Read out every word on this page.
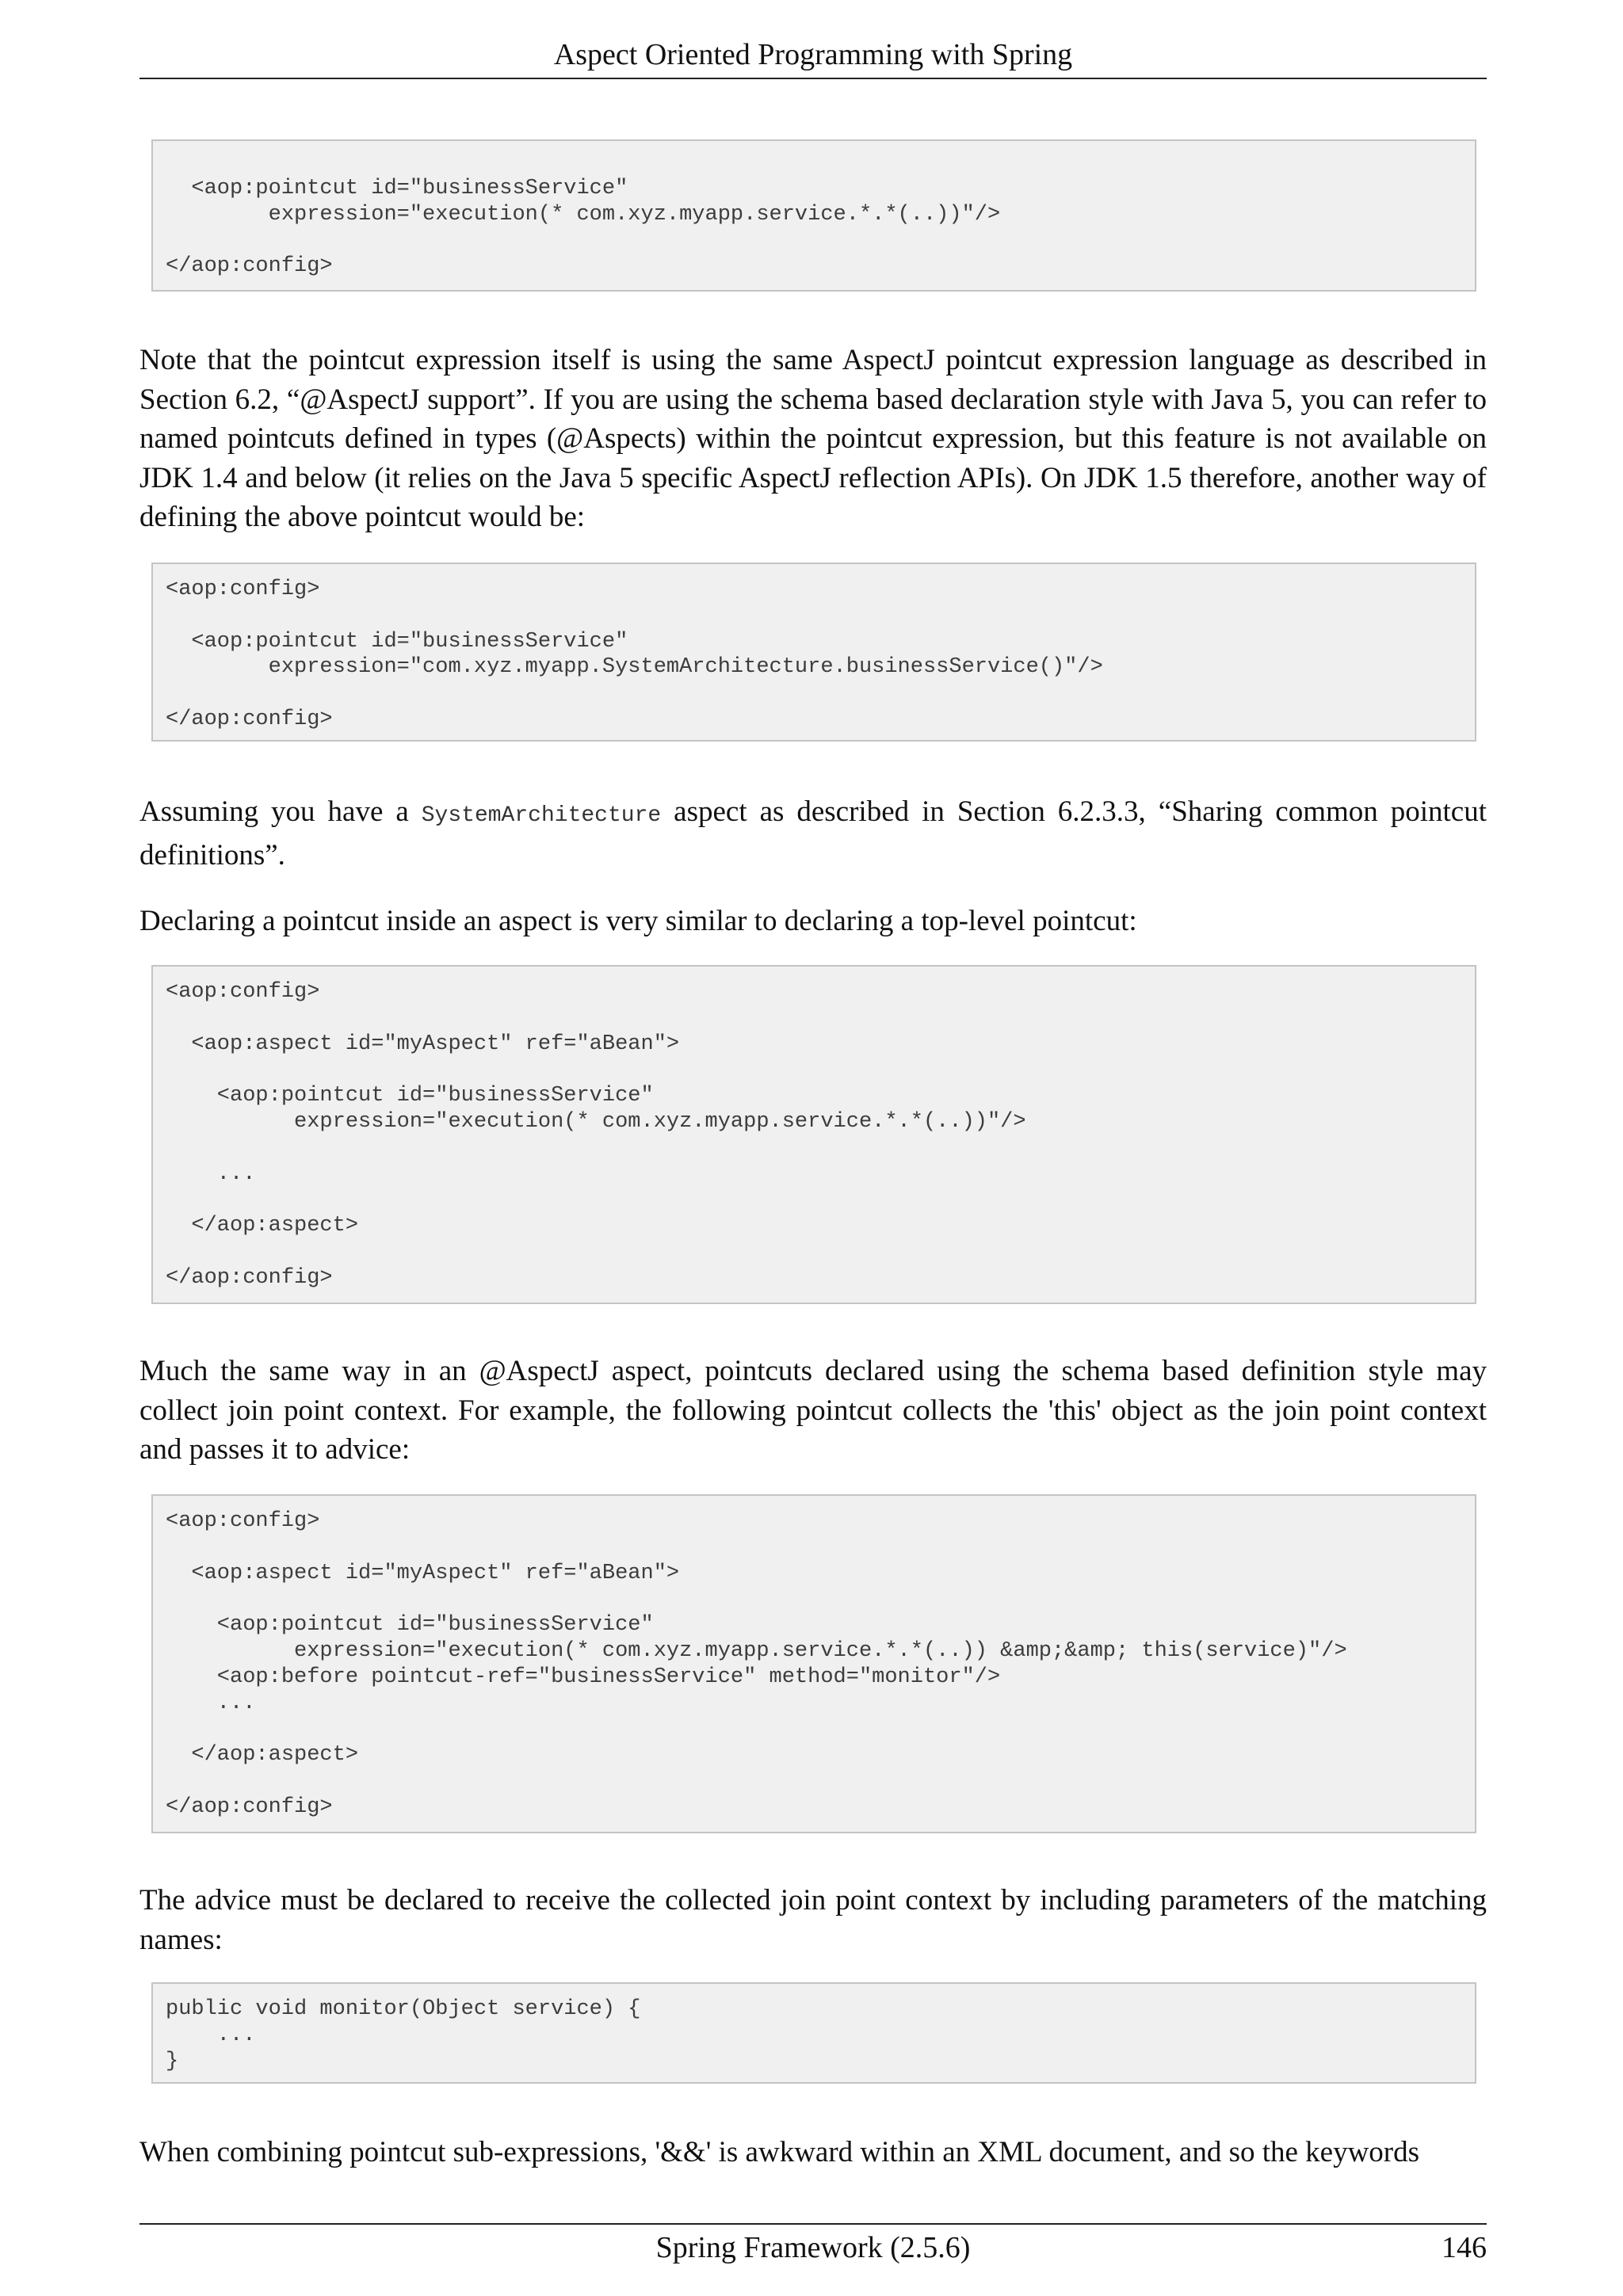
Aspect Oriented Programming with Spring
<aop:pointcut id="businessService"
expression="execution(* com.xyz.myapp.service.*.*(..))"/>

</aop:config>

Note that the pointcut expression itself is using the same AspectJ pointcut expression language as described in Section 6.2, “@AspectJ support”. If you are using the schema based declaration style with Java 5, you can refer to named pointcuts defined in types (@Aspects) within the pointcut expression, but this feature is not available on JDK 1.4 and below (it relies on the Java 5 specific AspectJ reflection APIs). On JDK 1.5 therefore, another way of defining the above pointcut would be:

<aop:config>

<aop:pointcut id="businessService"
expression="com.xyz.myapp.SystemArchitecture.businessService()"/>

</aop:config>

Assuming you have a SystemArchitecture aspect as described in Section 6.2.3.3, “Sharing common pointcut definitions”.

Declaring a pointcut inside an aspect is very similar to declaring a top-level pointcut:

<aop:config>

<aop:aspect id="myAspect" ref="aBean">

<aop:pointcut id="businessService"
expression="execution(* com.xyz.myapp.service.*.*(..))"/>

...

</aop:aspect>

</aop:config>

Much the same way in an @AspectJ aspect, pointcuts declared using the schema based definition style may collect join point context. For example, the following pointcut collects the 'this' object as the join point context and passes it to advice:

<aop:config>

<aop:aspect id="myAspect" ref="aBean">

<aop:pointcut id="businessService"
expression="execution(* com.xyz.myapp.service.*.*(..)) &amp;&amp; this(service)"/>
<aop:before pointcut-ref="businessService" method="monitor"/>
...

</aop:aspect>

</aop:config>

The advice must be declared to receive the collected join point context by including parameters of the matching names:

public void monitor(Object service) {
...
}

When combining pointcut sub-expressions, '&&' is awkward within an XML document, and so the keywords

Spring Framework (2.5.6)	146
